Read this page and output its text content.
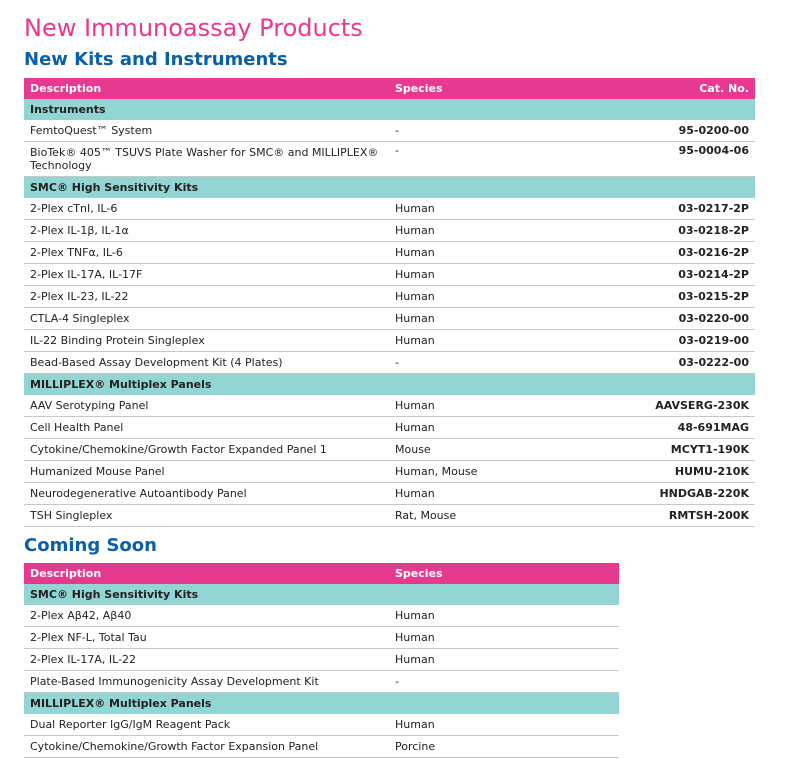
New Immunoassay Products
New Kits and Instruments
Description	Species	Cat. No.
Instruments		
FemtoQuest™ System	-	95-0200-00
BioTek® 405™ TSUVS Plate Washer for SMC® and MILLIPLEX® Technology	-	95-0004-06
SMC® High Sensitivity Kits		
2-Plex cTnI, IL-6	Human	03-0217-2P
2-Plex IL-1β, IL-1α	Human	03-0218-2P
2-Plex TNFα, IL-6	Human	03-0216-2P
2-Plex IL-17A, IL-17F	Human	03-0214-2P
2-Plex IL-23, IL-22	Human	03-0215-2P
CTLA-4 Singleplex	Human	03-0220-00
IL-22 Binding Protein Singleplex	Human	03-0219-00
Bead-Based Assay Development Kit (4 Plates)	-	03-0222-00
MILLIPLEX® Multiplex Panels		
AAV Serotyping Panel	Human	AAVSERG-230K
Cell Health Panel	Human	48-691MAG
Cytokine/Chemokine/Growth Factor Expanded Panel 1	Mouse	MCYT1-190K
Humanized Mouse Panel	Human, Mouse	HUMU-210K
Neurodegenerative Autoantibody Panel	Human	HNDGAB-220K
TSH Singleplex	Rat, Mouse	RMTSH-200K
Coming Soon
Description	Species
SMC® High Sensitivity Kits	
2-Plex Aβ42, Aβ40	Human
2-Plex NF-L, Total Tau	Human
2-Plex IL-17A, IL-22	Human
Plate-Based Immunogenicity Assay Development Kit	-
MILLIPLEX® Multiplex Panels	
Dual Reporter IgG/IgM Reagent Pack	Human
Cytokine/Chemokine/Growth Factor Expansion Panel	Porcine
